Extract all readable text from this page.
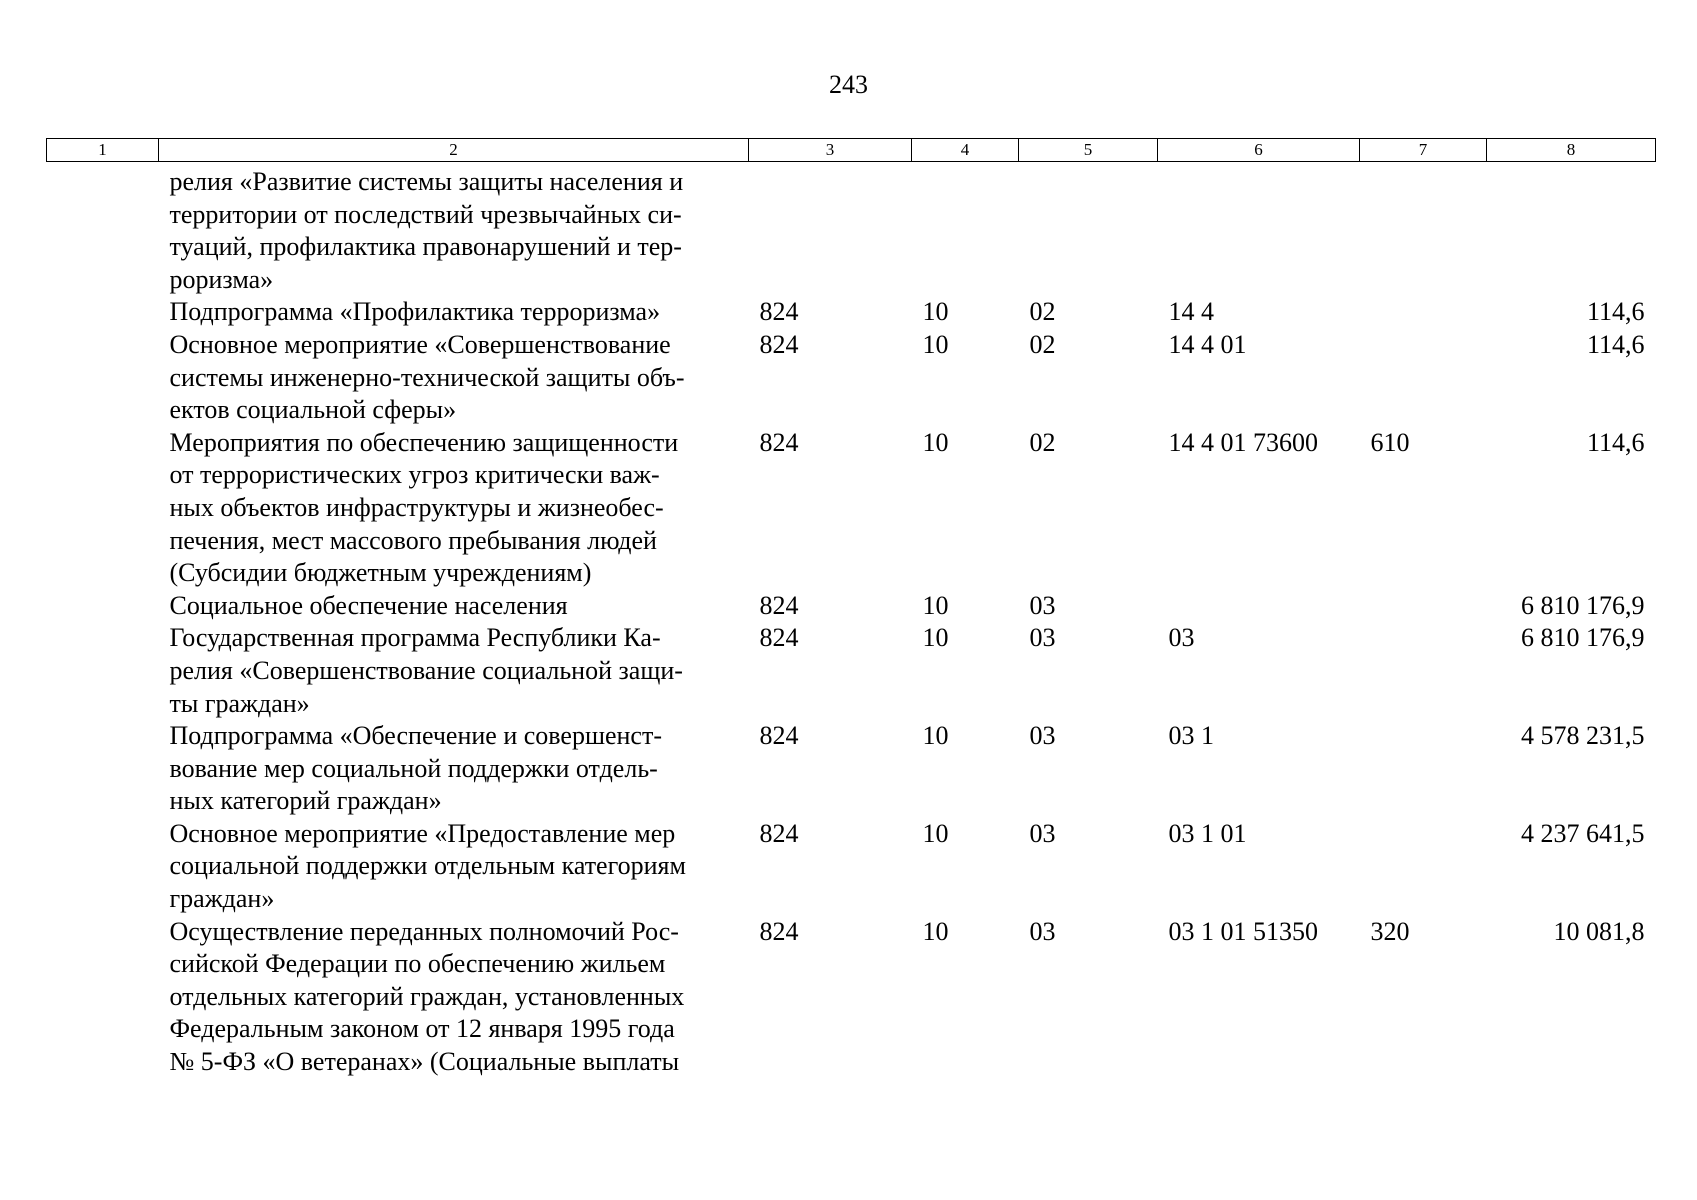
243
1	2	3	4	5	6	7	8

	релия «Развитие системы защиты населения и
территории от последствий чрезвычайных си-
туаций, профилактика правонарушений и тер-
роризма»						

	Подпрограмма «Профилактика терроризма»	824	10	02	14 4		114,6

	Основное мероприятие «Совершенствование
системы инженерно-технической защиты объ-
ектов социальной сферы»	824	10	02	14 4 01		114,6

	Мероприятия по обеспечению защищенности
от террористических угроз критически важ-
ных объектов инфраструктуры и жизнеобес-
печения, мест массового пребывания людей
(Субсидии бюджетным учреждениям)	824	10	02	14 4 01 73600	610	114,6

	Социальное обеспечение населения	824	10	03			6 810 176,9

	Государственная программа Республики Ка-
релия «Совершенствование социальной защи-
ты граждан»	824	10	03	03		6 810 176,9

	Подпрограмма «Обеспечение и совершенст-
вование мер социальной поддержки отдель-
ных категорий граждан»	824	10	03	03 1		4 578 231,5

	Основное мероприятие «Предоставление мер
социальной поддержки отдельным категориям
граждан»	824	10	03	03 1 01		4 237 641,5

	Осуществление переданных полномочий Рос-
сийской Федерации по обеспечению жильем
отдельных категорий граждан, установленных
Федеральным законом от 12 января 1995 года
№ 5-ФЗ «О ветеранах» (Социальные выплаты	824	10	03	03 1 01 51350	320	10 081,8
